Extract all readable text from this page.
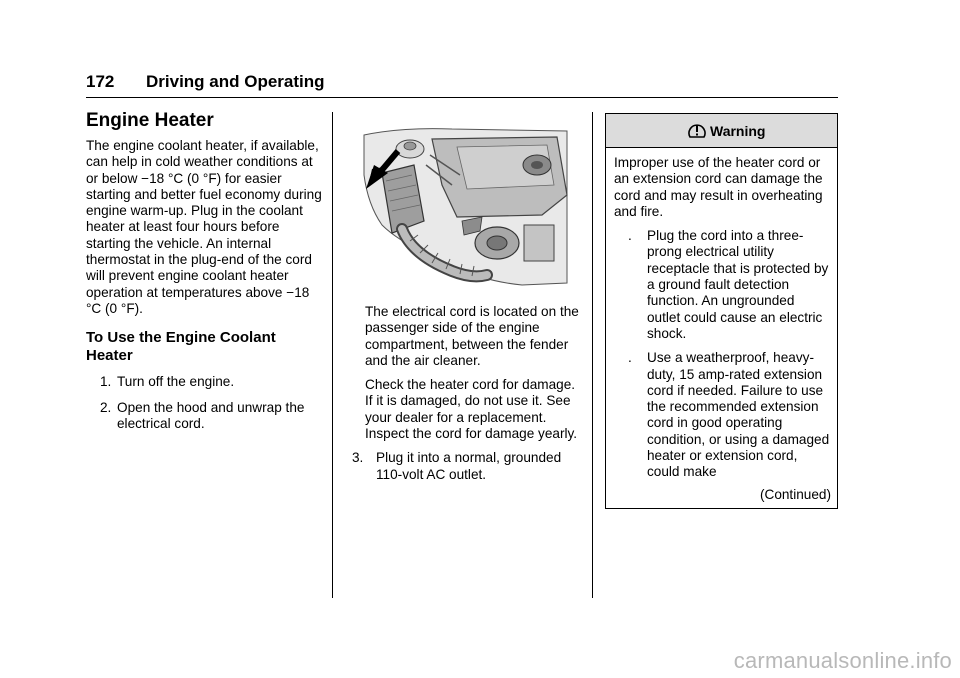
172 Driving and Operating
Engine Heater
The engine coolant heater, if available, can help in cold weather conditions at or below −18 °C (0 °F) for easier starting and better fuel economy during engine warm-up. Plug in the coolant heater at least four hours before starting the vehicle. An internal thermostat in the plug-end of the cord will prevent engine coolant heater operation at temperatures above −18 °C (0 °F).
To Use the Engine Coolant Heater
1. Turn off the engine.
2. Open the hood and unwrap the electrical cord.
The electrical cord is located on the passenger side of the engine compartment, between the fender and the air cleaner.
Check the heater cord for damage. If it is damaged, do not use it. See your dealer for a replacement. Inspect the cord for damage yearly.
3. Plug it into a normal, grounded 110-volt AC outlet.
Warning
Improper use of the heater cord or an extension cord can damage the cord and may result in overheating and fire.
. Plug the cord into a three-prong electrical utility receptacle that is protected by a ground fault detection function. An ungrounded outlet could cause an electric shock.
. Use a weatherproof, heavy-duty, 15 amp-rated extension cord if needed. Failure to use the recommended extension cord in good operating condition, or using a damaged heater or extension cord, could make
(Continued)
carmanualsonline.info
